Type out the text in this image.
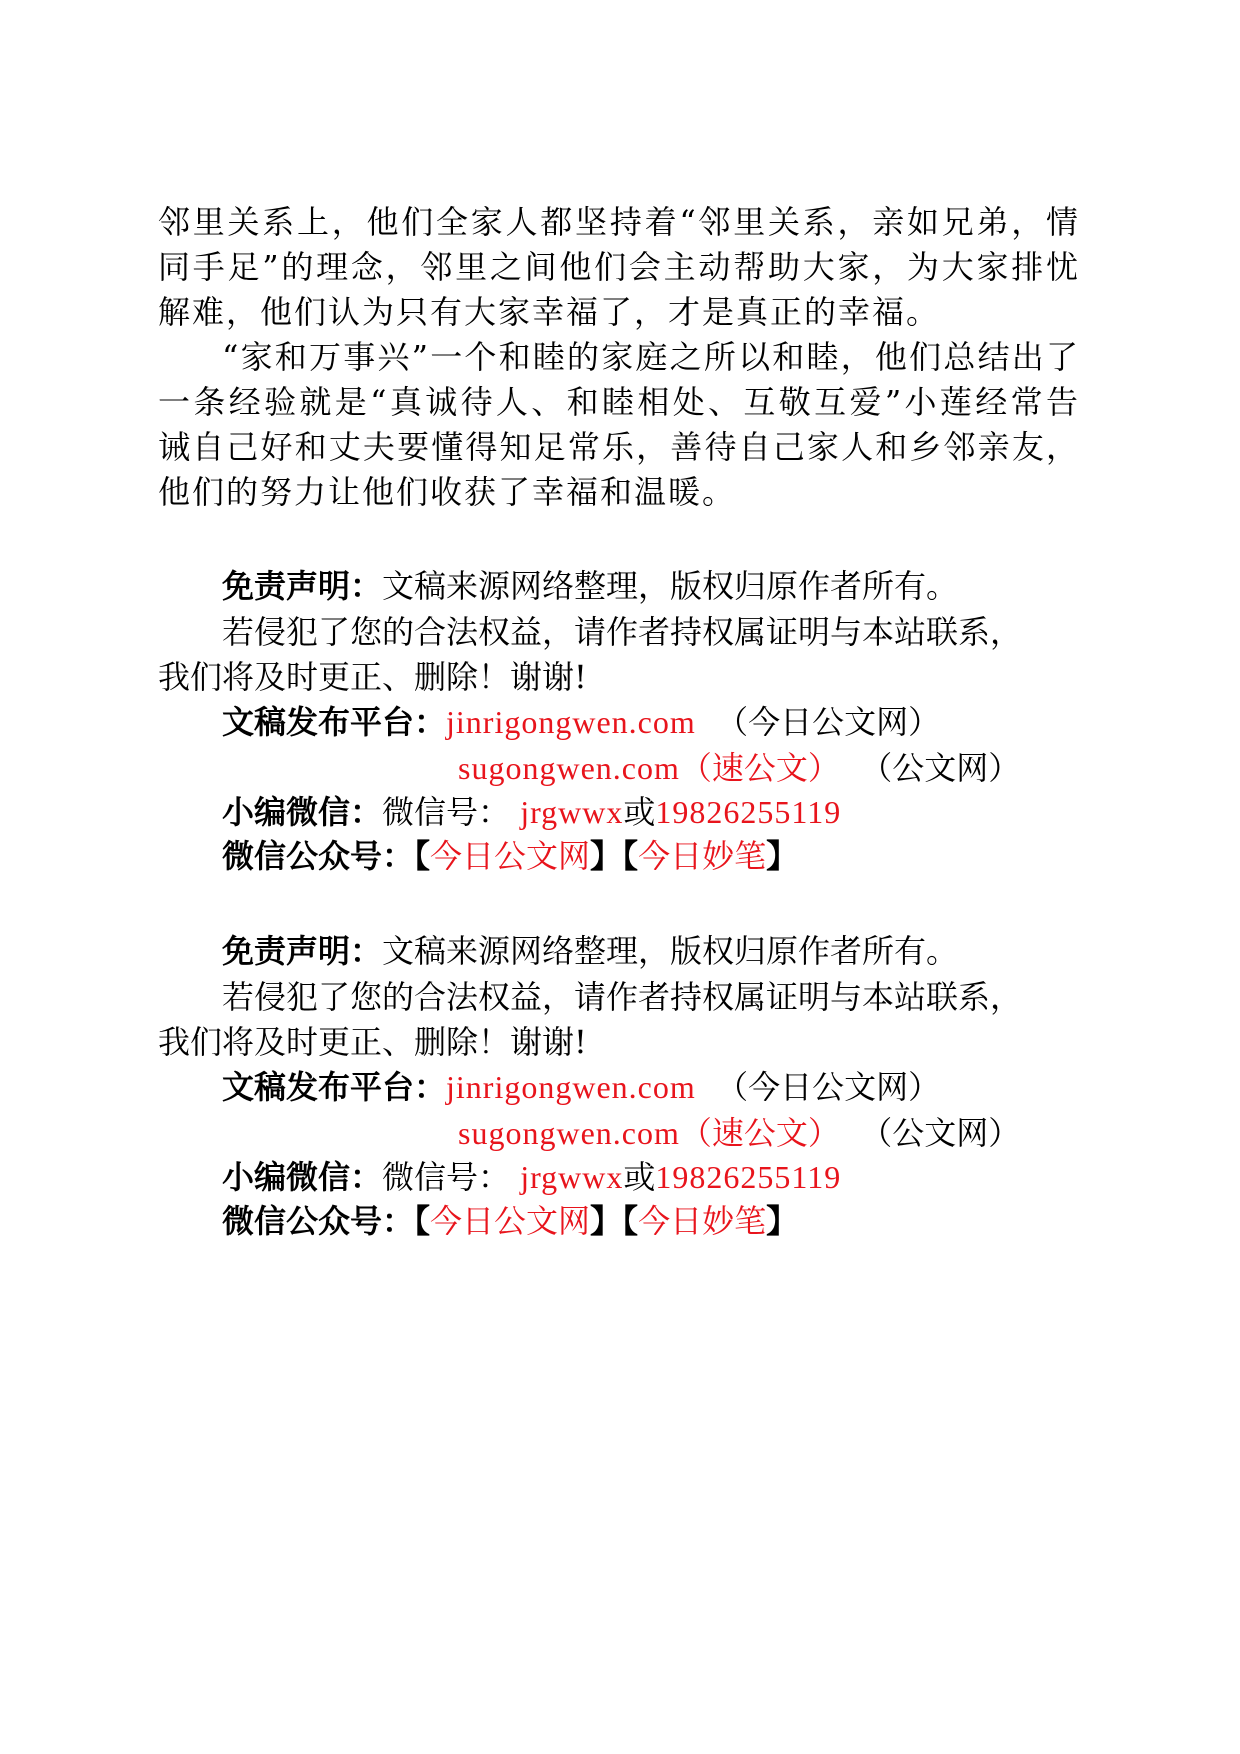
邻里关系上，他们全家人都坚持着“邻里关系，亲如兄弟，情
同手足”的理念，邻里之间他们会主动帮助大家，为大家排忧
解难，他们认为只有大家幸福了，才是真正的幸福。
“家和万事兴”一个和睦的家庭之所以和睦，他们总结出了
一条经验就是“真诚待人、和睦相处、互敬互爱”小莲经常告
诫自己好和丈夫要懂得知足常乐，善待自己家人和乡邻亲友，
他们的努力让他们收获了幸福和温暖。
免责声明：文稿来源网络整理，版权归原作者所有。
若侵犯了您的合法权益，请作者持权属证明与本站联系，
我们将及时更正、删除！谢谢!
文稿发布平台：jinrigongwen.com （今日公文网）
sugongwen.com（速公文） （公文网）
小编微信：微信号： jrgwwx或19826255119
微信公众号：【今日公文网】【今日妙笔】
免责声明：文稿来源网络整理，版权归原作者所有。
若侵犯了您的合法权益，请作者持权属证明与本站联系，
我们将及时更正、删除！谢谢!
文稿发布平台：jinrigongwen.com （今日公文网）
sugongwen.com（速公文） （公文网）
小编微信：微信号： jrgwwx或19826255119
微信公众号：【今日公文网】【今日妙笔】
